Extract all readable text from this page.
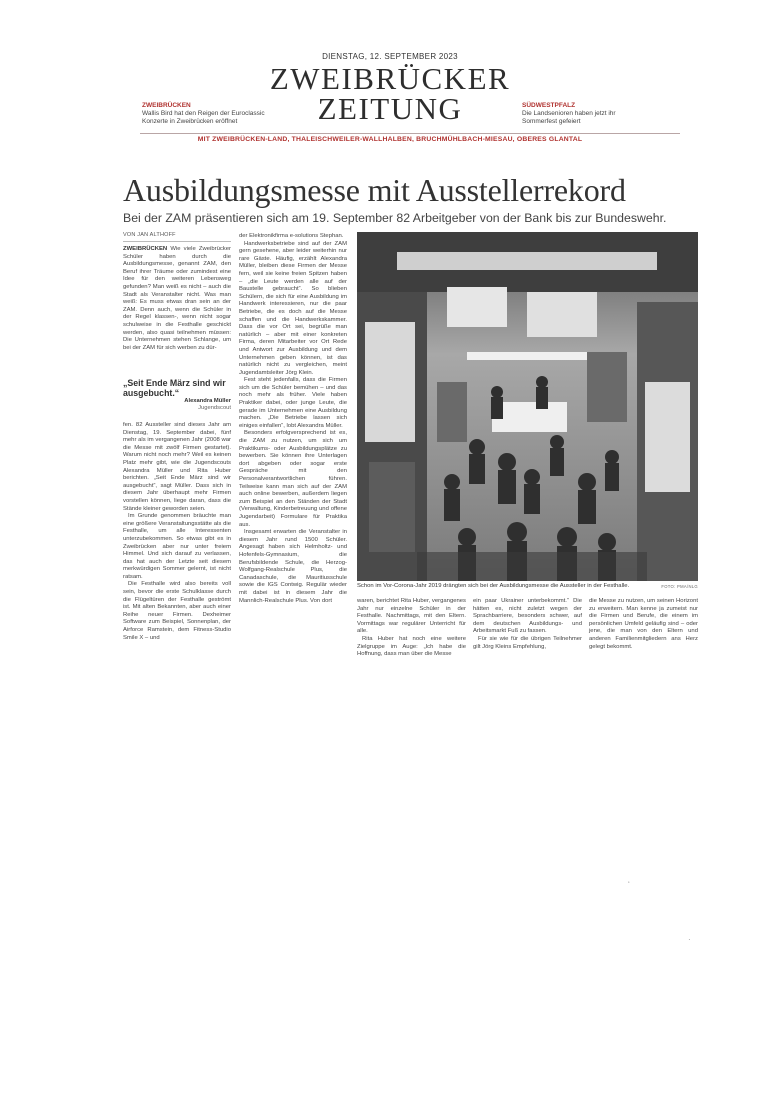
DIENSTAG, 12. SEPTEMBER 2023
ZWEIBRÜCKER
ZEITUNG
ZWEIBRÜCKEN
Wallis Bird hat den Reigen der Euroclassic
Konzerte in Zweibrücken eröffnet
SÜDWESTPFALZ
Die Landsenioren haben jetzt ihr
Sommerfest gefeiert
MIT ZWEIBRÜCKEN-LAND, THALEISCHWEILER-WALLHALBEN, BRUCHMÜHLBACH-MIESAU, OBERES GLANTAL
Ausbildungsmesse mit Ausstellerrekord
Bei der ZAM präsentieren sich am 19. September 82 Arbeitgeber von der Bank bis zur Bundeswehr.
VON JAN ALTHOFF

ZWEIBRÜCKEN Wie viele Zweibrücker Schüler haben durch die Ausbildungsmesse, genannt ZAM, den Beruf ihrer Träume oder zumindest eine Idee für den weiteren Lebensweg gefunden? Man weiß es nicht – auch die Stadt als Veranstalter nicht. Was man weiß: Es muss etwas dran sein an der ZAM. Denn auch, wenn die Schüler in der Regel klassen-, wenn nicht sogar schulweise in die Festhalle geschickt werden, also quasi teilnehmen müssen: Die Unternehmen stehen Schlange, um bei der ZAM für sich werben zu dür-

„Seit Ende März sind wir
ausgebucht.“
Alexandra Müller
Jugendscout

fen. 82 Aussteller sind dieses Jahr am Dienstag, 19. September dabei, fünf mehr als im vergangenen Jahr (2008 war die Messe mit zwölf Firmen gestartet). Warum nicht noch mehr? Weil es keinen Platz mehr gibt, wie die Jugendscouts Alexandra Müller und Rita Huber berichten. „Seit Ende März sind wir ausgebucht“, sagt Müller. Dass sich in diesem Jahr überhaupt mehr Firmen vorstellen können, liege daran, dass die Stände kleiner geworden seien.

Im Grunde genommen bräuchte man eine größere Veranstaltungsstätte als die Festhalle, um alle Interessenten unterzubekommen. So etwas gibt es in Zweibrücken aber nur unter freiem Himmel. Und sich darauf zu verlassen, das hat auch der Letzte seit diesem merkwürdigen Sommer gelernt, ist nicht ratsam.

Die Festhalle wird also bereits voll sein, bevor die erste Schulklasse durch die Flügeltüren der Festhalle geströmt ist. Mit alten Bekannten, aber auch einer Reihe neuer Firmen. Dexheimer Software zum Beispiel, Sonnenplan, der Airforce Ramstein, dem Fitness-Studio Smile X – und

der Elektronikfirma e-solutions Stephan.

Handwerksbetriebe sind auf der ZAM gern gesehene, aber leider weiterhin nur rare Gäste. Häufig, erzählt Alexandra Müller, bleiben diese Firmen der Messe fern, weil sie keine freien Spitzen haben – „die Leute werden alle auf der Baustelle gebraucht“. So blieben Schülern, die sich für eine Ausbildung im Handwerk interessieren, nur die paar Betriebe, die es doch auf die Messe schaffen und die Handwerkskammer. Dass die vor Ort sei, begrüße man natürlich – aber mit einer konkreten Firma, deren Mitarbeiter vor Ort Rede und Antwort zur Ausbildung und dem Unternehmen geben können, ist das natürlich nicht zu vergleichen, meint Jugendamtsleiter Jörg Klein.

Fest steht jedenfalls, dass die Firmen sich um die Schüler bemühen – und das noch mehr als früher. Viele haben Praktiker dabei, oder junge Leute, die gerade im Unternehmen eine Ausbildung machen. „Die Betriebe lassen sich einiges einfallen“, lobt Alexandra Müller.

Besonders erfolgversprechend ist es, die ZAM zu nutzen, um sich um Praktikums- oder Ausbildungsplätze zu bewerben. Sie können ihre Unterlagen dort abgeben oder sogar erste Gespräche mit den Personalverantwortlichen führen. Teilweise kann man sich auf der ZAM auch online bewerben, außerdem liegen zum Beispiel an den Ständen der Stadt (Verwaltung, Kinderbetreuung und offene Jugendarbeit) Formulare für Praktika aus.

Insgesamt erwarten die Veranstalter in diesem Jahr rund 1500 Schüler. Angesagt haben sich Helmholtz- und Hofenfels-Gymnasium, die Berufsbildende Schule, die Herzog-Wolfgang-Realschule Plus, die Canadaschule, die Mauritiusschule sowie die IGS Contwig. Regulär wieder mit dabei ist in diesem Jahr die Mannlich-Realschule Plus. Von dort

FOTO: PMA/NLG
Schon im Vor-Corona-Jahr 2019 drängten sich bei der Ausbildungsmesse die Aussteller in der Festhalle.

waren, berichtet Rita Huber, vergangenes Jahr nur einzelne Schüler in der Festhalle. Nachmittags, mit den Eltern. Vormittags war regulärer Unterricht für alle.

Rita Huber hat noch eine weitere Zielgruppe im Auge: „Ich habe die Hoffnung, dass man über die Messe

ein paar Ukrainer unterbekommt.“ Die hätten es, nicht zuletzt wegen der Sprachbarriere, besonders schwer, auf dem deutschen Ausbildungs- und Arbeitsmarkt Fuß zu fassen.

Für sie wie für die übrigen Teilnehmer gilt Jörg Kleins Empfehlung,

die Messe zu nutzen, um seinen Horizont zu erweitern. Man kenne ja zumeist nur die Firmen und Berufe, die einem im persönlichen Umfeld geläufig sind – oder jene, die man von den Eltern und anderen Familienmitgliedern ans Herz gelegt bekommt.

ʻ
·
